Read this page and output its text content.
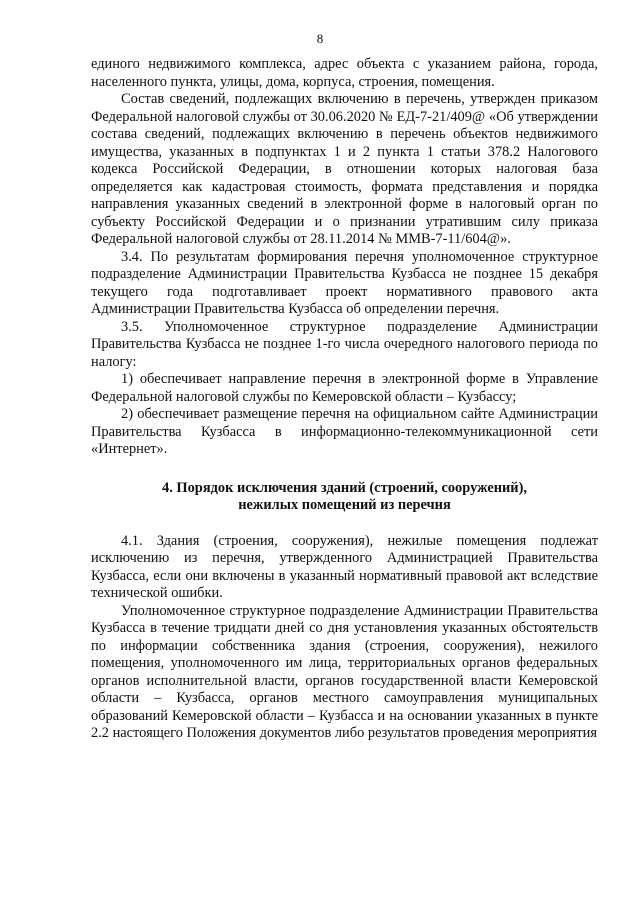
8

единого недвижимого комплекса, адрес объекта с указанием района, города, населенного пункта, улицы, дома, корпуса, строения, помещения.

Состав сведений, подлежащих включению в перечень, утвержден приказом Федеральной налоговой службы от 30.06.2020 № ЕД-7-21/409@ «Об утверждении состава сведений, подлежащих включению в перечень объектов недвижимого имущества, указанных в подпунктах 1 и 2 пункта 1 статьи 378.2 Налогового кодекса Российской Федерации, в отношении которых налоговая база определяется как кадастровая стоимость, формата представления и порядка направления указанных сведений в электронной форме в налоговый орган по субъекту Российской Федерации и о признании утратившим силу приказа Федеральной налоговой службы от 28.11.2014 № ММВ-7-11/604@».

3.4. По результатам формирования перечня уполномоченное структурное подразделение Администрации Правительства Кузбасса не позднее 15 декабря текущего года подготавливает проект нормативного правового акта Администрации Правительства Кузбасса об определении перечня.

3.5. Уполномоченное структурное подразделение Администрации Правительства Кузбасса не позднее 1-го числа очередного налогового периода по налогу:

1) обеспечивает направление перечня в электронной форме в Управление Федеральной налоговой службы по Кемеровской области – Кузбассу;

2) обеспечивает размещение перечня на официальном сайте Администрации Правительства Кузбасса в информационно-телекоммуникационной сети «Интернет».

4. Порядок исключения зданий (строений, сооружений),
нежилых помещений из перечня

4.1. Здания (строения, сооружения), нежилые помещения подлежат исключению из перечня, утвержденного Администрацией Правительства Кузбасса, если они включены в указанный нормативный правовой акт вследствие технической ошибки.

Уполномоченное структурное подразделение Администрации Правительства Кузбасса в течение тридцати дней со дня установления указанных обстоятельств по информации собственника здания (строения, сооружения), нежилого помещения, уполномоченного им лица, территориальных органов федеральных органов исполнительной власти, органов государственной власти Кемеровской области – Кузбасса, органов местного самоуправления муниципальных образований Кемеровской области – Кузбасса и на основании указанных в пункте 2.2 настоящего Положения документов либо результатов проведения мероприятия
